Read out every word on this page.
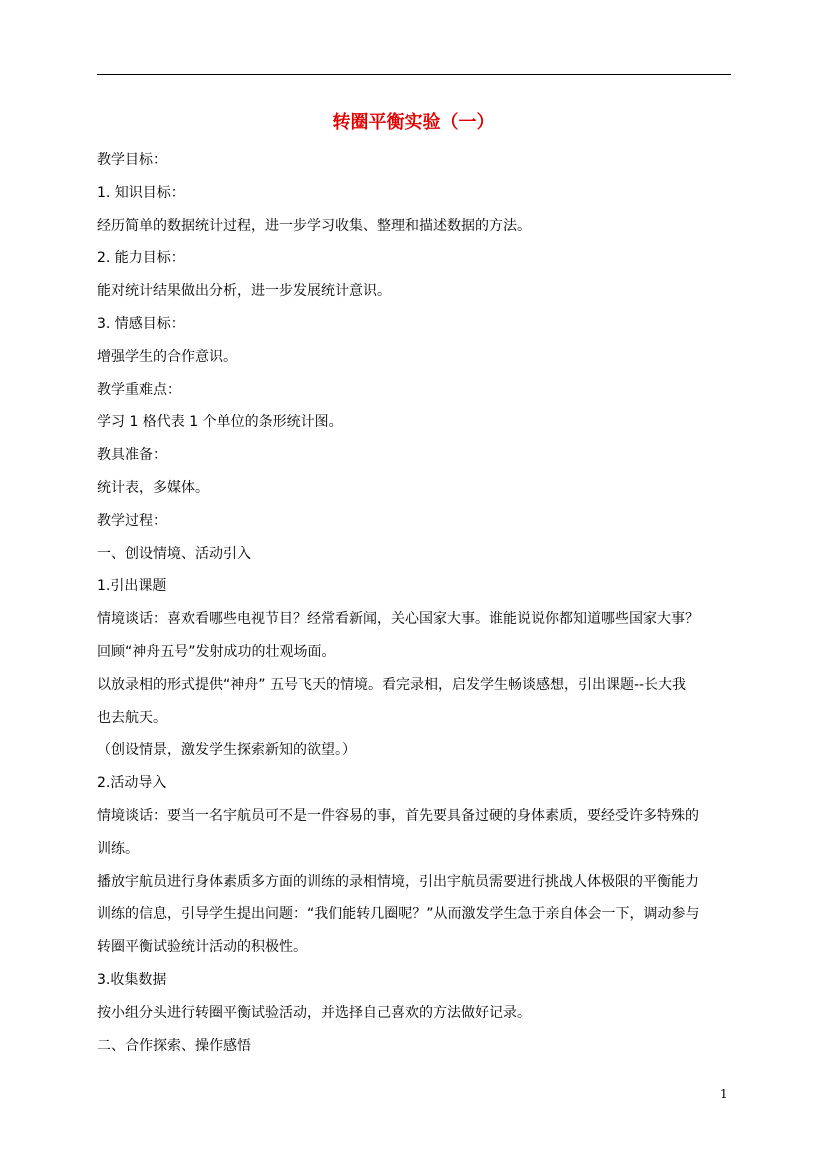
转圈平衡实验（一）
教学目标：
1. 知识目标：
经历简单的数据统计过程，进一步学习收集、整理和描述数据的方法。
2. 能力目标：
能对统计结果做出分析，进一步发展统计意识。
3. 情感目标：
增强学生的合作意识。
教学重难点：
学习 1 格代表 1 个单位的条形统计图。
教具准备：
统计表，多媒体。
教学过程：
一、创设情境、活动引入
1.引出课题
情境谈话：喜欢看哪些电视节目？经常看新闻，关心国家大事。谁能说说你都知道哪些国家大事？
回顾“神舟五号”发射成功的壮观场面。
以放录相的形式提供“神舟” 五号飞天的情境。看完录相，启发学生畅谈感想，引出课题--长大我
也去航天。
（创设情景，激发学生探索新知的欲望。）
2.活动导入
情境谈话：要当一名宇航员可不是一件容易的事，首先要具备过硬的身体素质，要经受许多特殊的
训练。
播放宇航员进行身体素质多方面的训练的录相情境，引出宇航员需要进行挑战人体极限的平衡能力
训练的信息，引导学生提出问题：“我们能转几圈呢？”从而激发学生急于亲自体会一下，调动参与
转圈平衡试验统计活动的积极性。
3.收集数据
按小组分头进行转圈平衡试验活动，并选择自己喜欢的方法做好记录。
二、合作探索、操作感悟
1
